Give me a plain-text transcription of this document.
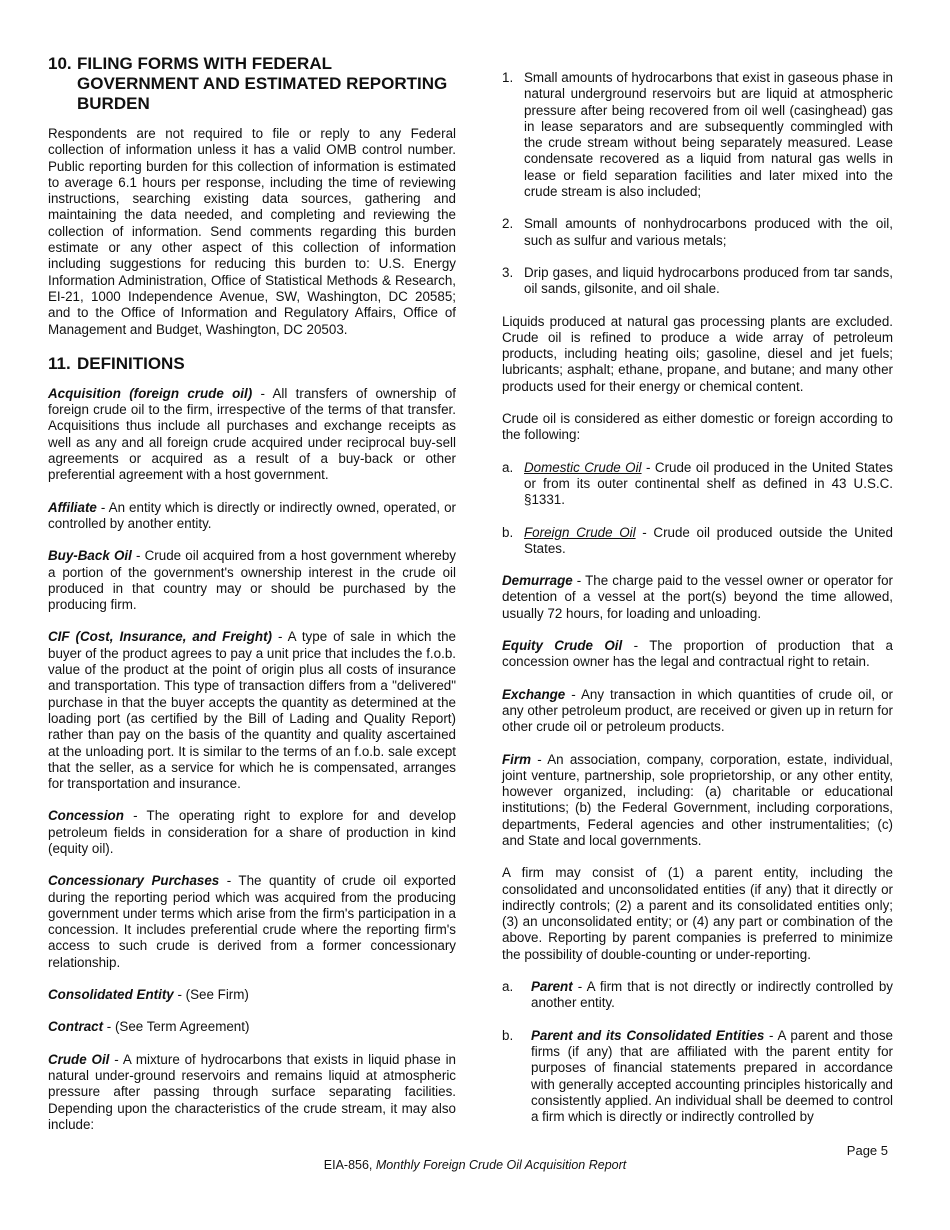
10. FILING FORMS WITH FEDERAL GOVERNMENT AND ESTIMATED REPORTING BURDEN

Respondents are not required to file or reply to any Federal collection of information unless it has a valid OMB control number. Public reporting burden for this collection of information is estimated to average 6.1 hours per response, including the time of reviewing instructions, searching existing data sources, gathering and maintaining the data needed, and completing and reviewing the collection of information. Send comments regarding this burden estimate or any other aspect of this collection of information including suggestions for reducing this burden to: U.S. Energy Information Administration, Office of Statistical Methods & Research, EI-21, 1000 Independence Avenue, SW, Washington, DC 20585; and to the Office of Information and Regulatory Affairs, Office of Management and Budget, Washington, DC 20503.

11. DEFINITIONS

Acquisition (foreign crude oil) - All transfers of ownership of foreign crude oil to the firm, irrespective of the terms of that transfer. Acquisitions thus include all purchases and exchange receipts as well as any and all foreign crude acquired under reciprocal buy-sell agreements or acquired as a result of a buy-back or other preferential agreement with a host government.

Affiliate - An entity which is directly or indirectly owned, operated, or controlled by another entity.

Buy-Back Oil - Crude oil acquired from a host government whereby a portion of the government's ownership interest in the crude oil produced in that country may or should be purchased by the producing firm.

CIF (Cost, Insurance, and Freight) - A type of sale in which the buyer of the product agrees to pay a unit price that includes the f.o.b. value of the product at the point of origin plus all costs of insurance and transportation. This type of transaction differs from a "delivered" purchase in that the buyer accepts the quantity as determined at the loading port (as certified by the Bill of Lading and Quality Report) rather than pay on the basis of the quantity and quality ascertained at the unloading port. It is similar to the terms of an f.o.b. sale except that the seller, as a service for which he is compensated, arranges for transportation and insurance.

Concession - The operating right to explore for and develop petroleum fields in consideration for a share of production in kind (equity oil).

Concessionary Purchases - The quantity of crude oil exported during the reporting period which was acquired from the producing government under terms which arise from the firm's participation in a concession. It includes preferential crude where the reporting firm's access to such crude is derived from a former concessionary relationship.

Consolidated Entity - (See Firm)

Contract - (See Term Agreement)

Crude Oil - A mixture of hydrocarbons that exists in liquid phase in natural under-ground reservoirs and remains liquid at atmospheric pressure after passing through surface separating facilities. Depending upon the characteristics of the crude stream, it may also include:

1. Small amounts of hydrocarbons that exist in gaseous phase in natural underground reservoirs but are liquid at atmospheric pressure after being recovered from oil well (casinghead) gas in lease separators and are subsequently commingled with the crude stream without being separately measured. Lease condensate recovered as a liquid from natural gas wells in lease or field separation facilities and later mixed into the crude stream is also included;
2. Small amounts of nonhydrocarbons produced with the oil, such as sulfur and various metals;
3. Drip gases, and liquid hydrocarbons produced from tar sands, oil sands, gilsonite, and oil shale.

Liquids produced at natural gas processing plants are excluded. Crude oil is refined to produce a wide array of petroleum products, including heating oils; gasoline, diesel and jet fuels; lubricants; asphalt; ethane, propane, and butane; and many other products used for their energy or chemical content.

Crude oil is considered as either domestic or foreign according to the following:

a. Domestic Crude Oil - Crude oil produced in the United States or from its outer continental shelf as defined in 43 U.S.C. §1331.
b. Foreign Crude Oil - Crude oil produced outside the United States.

Demurrage - The charge paid to the vessel owner or operator for detention of a vessel at the port(s) beyond the time allowed, usually 72 hours, for loading and unloading.

Equity Crude Oil - The proportion of production that a concession owner has the legal and contractual right to retain.

Exchange - Any transaction in which quantities of crude oil, or any other petroleum product, are received or given up in return for other crude oil or petroleum products.

Firm - An association, company, corporation, estate, individual, joint venture, partnership, sole proprietorship, or any other entity, however organized, including: (a) charitable or educational institutions; (b) the Federal Government, including corporations, departments, Federal agencies and other instrumentalities; (c) and State and local governments.

A firm may consist of (1) a parent entity, including the consolidated and unconsolidated entities (if any) that it directly or indirectly controls; (2) a parent and its consolidated entities only; (3) an unconsolidated entity; or (4) any part or combination of the above. Reporting by parent companies is preferred to minimize the possibility of double-counting or under-reporting.

a.	Parent - A firm that is not directly or indirectly controlled by another entity.
b.	Parent and its Consolidated Entities - A parent and those firms (if any) that are affiliated with the parent entity for purposes of financial statements prepared in accordance with generally accepted accounting principles historically and consistently applied. An individual shall be deemed to control a firm which is directly or indirectly controlled by
Page 5
EIA-856, Monthly Foreign Crude Oil Acquisition Report
